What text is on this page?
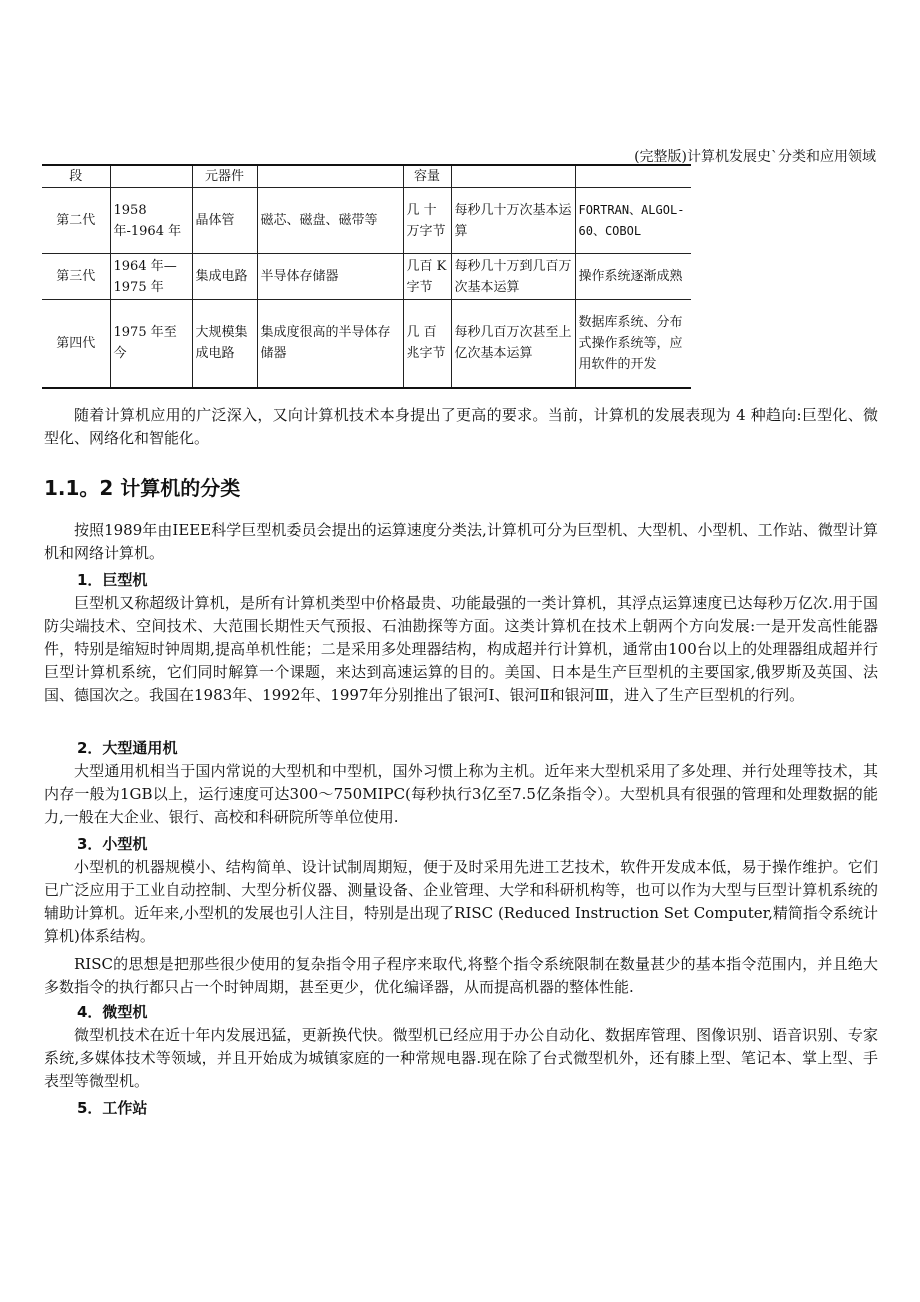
(完整版)计算机发展史`分类和应用领域
段		元器件		容量		
第二代	1958 年-1964 年	晶体管	磁芯、磁盘、磁带等	几 十 万字节	每秒几十万次基本运算	FORTRAN、ALGOL-60、COBOL
第三代	1964 年—1975 年	集成电路	半导体存储器	几百 K 字节	每秒几十万到几百万次基本运算	操作系统逐渐成熟
第四代	1975 年至今	大规模集成电路	集成度很高的半导体存储器	几 百 兆字节	每秒几百万次甚至上亿次基本运算	数据库系统、分布式操作系统等，应用软件的开发

随着计算机应用的广泛深入，又向计算机技术本身提出了更高的要求。当前，计算机的发展表现为 4 种趋向:巨型化、微型化、网络化和智能化。

1.1。2 计算机的分类

按照1989年由IEEE科学巨型机委员会提出的运算速度分类法,计算机可分为巨型机、大型机、小型机、工作站、微型计算机和网络计算机。

1．巨型机

巨型机又称超级计算机，是所有计算机类型中价格最贵、功能最强的一类计算机，其浮点运算速度已达每秒万亿次.用于国防尖端技术、空间技术、大范围长期性天气预报、石油勘探等方面。这类计算机在技术上朝两个方向发展:一是开发高性能器件，特别是缩短时钟周期,提高单机性能；二是采用多处理器结构，构成超并行计算机，通常由100台以上的处理器组成超并行巨型计算机系统，它们同时解算一个课题，来达到高速运算的目的。美国、日本是生产巨型机的主要国家,俄罗斯及英国、法国、德国次之。我国在1983年、1992年、1997年分别推出了银河Ⅰ、银河Ⅱ和银河Ⅲ，进入了生产巨型机的行列。

2．大型通用机

大型通用机相当于国内常说的大型机和中型机，国外习惯上称为主机。近年来大型机采用了多处理、并行处理等技术，其内存一般为1GB以上，运行速度可达300～750MIPC(每秒执行3亿至7.5亿条指令）。大型机具有很强的管理和处理数据的能力,一般在大企业、银行、高校和科研院所等单位使用.

3．小型机

小型机的机器规模小、结构简单、设计试制周期短，便于及时采用先进工艺技术，软件开发成本低，易于操作维护。它们已广泛应用于工业自动控制、大型分析仪器、测量设备、企业管理、大学和科研机构等，也可以作为大型与巨型计算机系统的辅助计算机。近年来,小型机的发展也引人注目，特别是出现了RISC (Reduced Instruction Set Computer,精简指令系统计算机)体系结构。

RISC的思想是把那些很少使用的复杂指令用子程序来取代,将整个指令系统限制在数量甚少的基本指令范围内，并且绝大多数指令的执行都只占一个时钟周期，甚至更少，优化编译器，从而提高机器的整体性能.

4．微型机

微型机技术在近十年内发展迅猛，更新换代快。微型机已经应用于办公自动化、数据库管理、图像识别、语音识别、专家系统,多媒体技术等领域，并且开始成为城镇家庭的一种常规电器.现在除了台式微型机外，还有膝上型、笔记本、掌上型、手表型等微型机。

5．工作站
